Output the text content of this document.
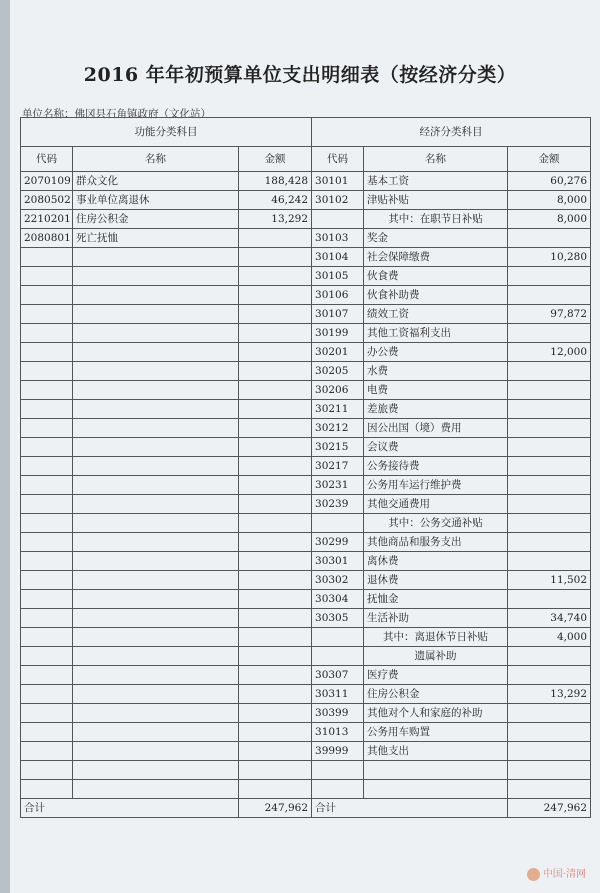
2016 年年初预算单位支出明细表（按经济分类）
单位名称：佛冈县石角镇政府（文化站）
功能分类科目			经济分类科目		
代码	名称	金额	代码	名称	金额
2070109	群众文化	188,428	30101	基本工资	60,276
2080502	事业单位离退休	46,242	30102	津贴补贴	8,000
2210201	住房公积金	13,292		其中：在职节日补贴	8,000
2080801	死亡抚恤		30103	奖金	
			30104	社会保障缴费	10,280
			30105	伙食费	
			30106	伙食补助费	
			30107	绩效工资	97,872
			30199	其他工资福利支出	
			30201	办公费	12,000
			30205	水费	
			30206	电费	
			30211	差旅费	
			30212	因公出国（境）费用	
			30215	会议费	
			30217	公务接待费	
			30231	公务用车运行维护费	
			30239	其他交通费用	
				其中：公务交通补贴	
			30299	其他商品和服务支出	
			30301	离休费	
			30302	退休费	11,502
			30304	抚恤金	
			30305	生活补助	34,740
				其中：离退休节日补贴	4,000
				遗属补助	
			30307	医疗费	
			30311	住房公积金	13,292
			30399	其他对个人和家庭的补助	
			31013	公务用车购置	
			39999	其他支出	

合计		247,962	合计		247,962
中国·清网
